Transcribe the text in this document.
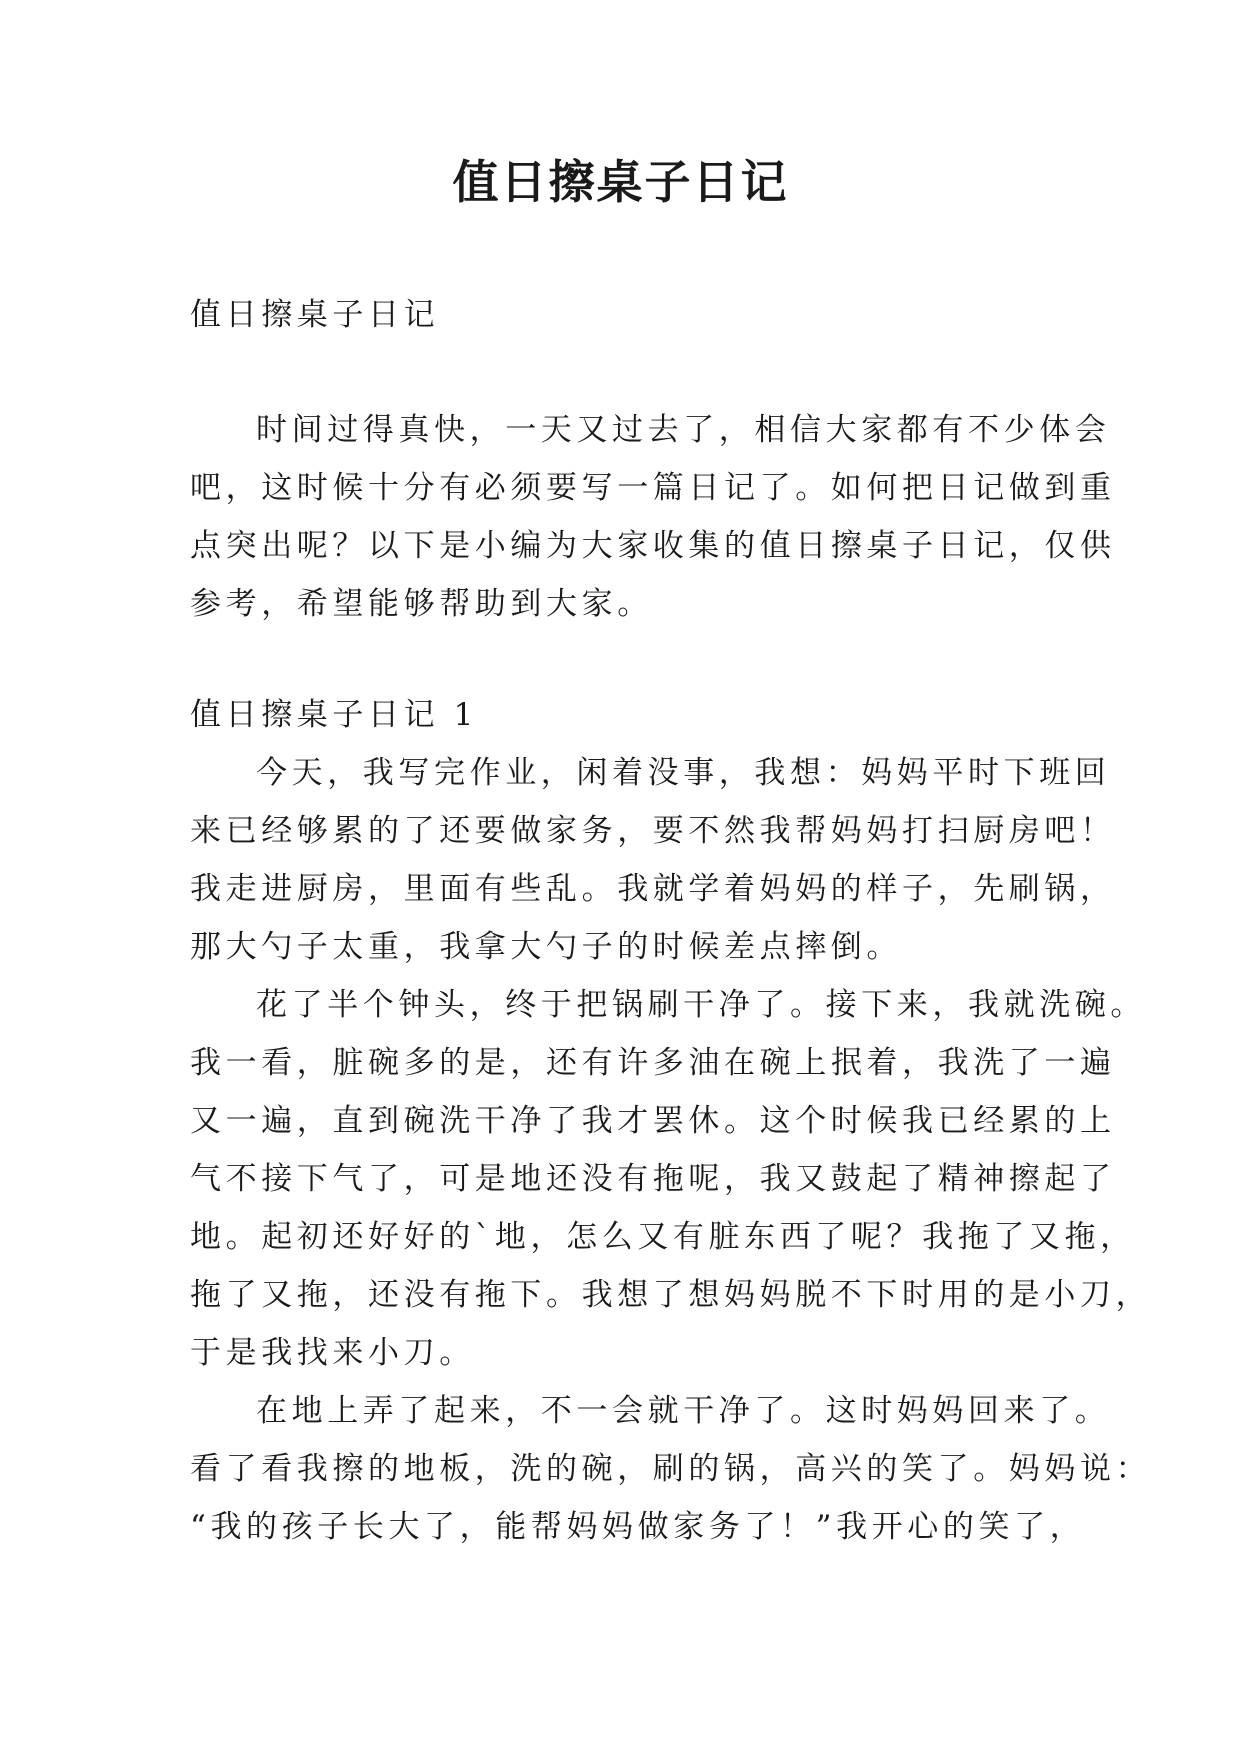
值日擦桌子日记

值日擦桌子日记

时间过得真快，一天又过去了，相信大家都有不少体会
吧，这时候十分有必须要写一篇日记了。如何把日记做到重
点突出呢？以下是小编为大家收集的值日擦桌子日记，仅供
参考，希望能够帮助到大家。

值日擦桌子日记 1

今天，我写完作业，闲着没事，我想：妈妈平时下班回
来已经够累的了还要做家务，要不然我帮妈妈打扫厨房吧！
我走进厨房，里面有些乱。我就学着妈妈的样子，先刷锅，
那大勺子太重，我拿大勺子的时候差点摔倒。

花了半个钟头，终于把锅刷干净了。接下来，我就洗碗。
我一看，脏碗多的是，还有许多油在碗上抿着，我洗了一遍
又一遍，直到碗洗干净了我才罢休。这个时候我已经累的上
气不接下气了，可是地还没有拖呢，我又鼓起了精神擦起了
地。起初还好好的`地，怎么又有脏东西了呢？我拖了又拖，
拖了又拖，还没有拖下。我想了想妈妈脱不下时用的是小刀，
于是我找来小刀。

在地上弄了起来，不一会就干净了。这时妈妈回来了。
看了看我擦的地板，洗的碗，刷的锅，高兴的笑了。妈妈说：
“我的孩子长大了，能帮妈妈做家务了！”我开心的笑了，
